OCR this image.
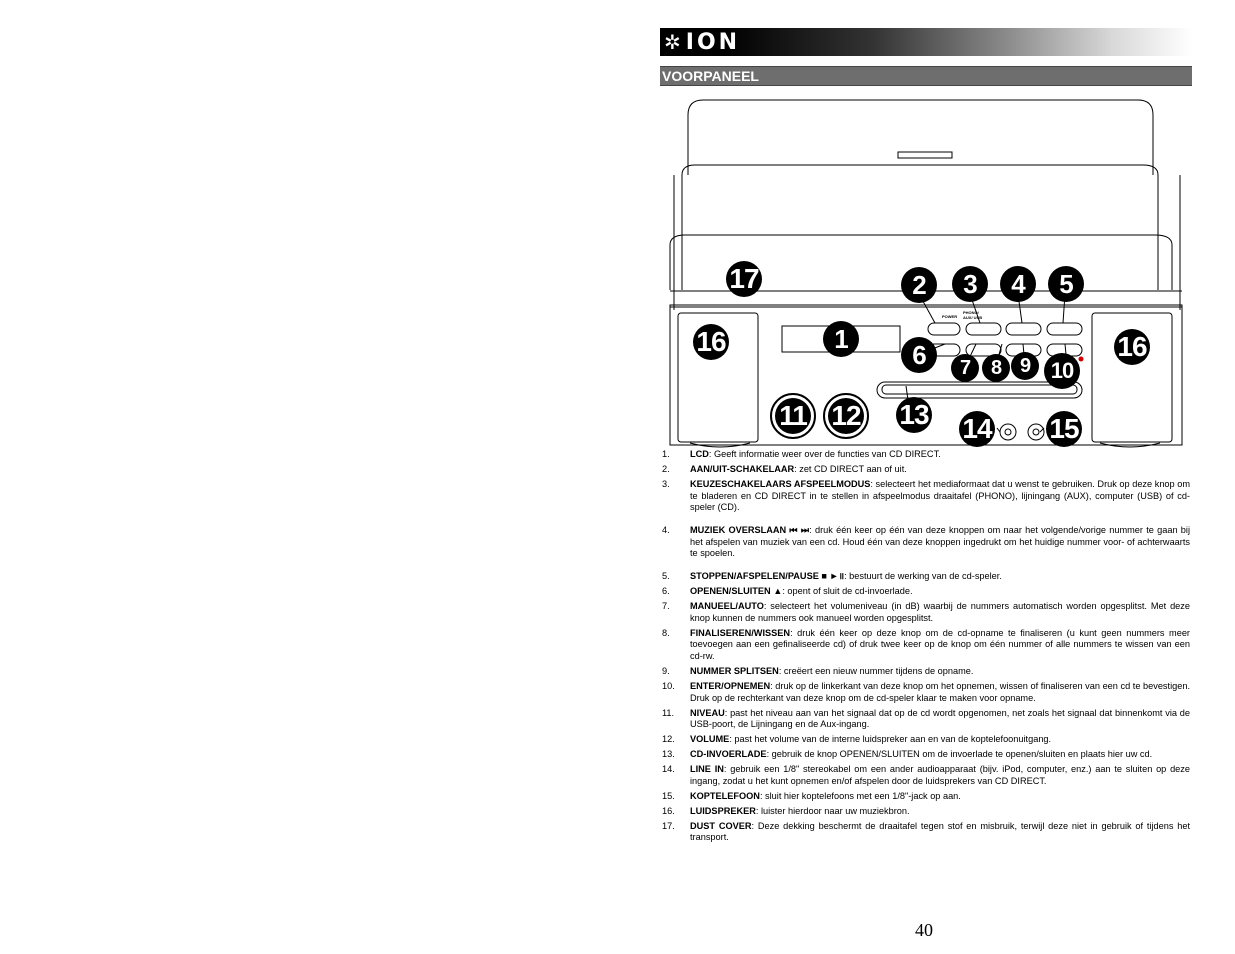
✲ION
VOORPANEEL
POWER
PHONO/ AUX/ USB
1
2	3	4	5
6	7	8 9 10
11 12 13 14 15
16	16
17
1.	LCD: Geeft informatie weer over de functies van CD DIRECT.
2.	AAN/UIT-SCHAKELAAR: zet CD DIRECT aan of uit.
3.	KEUZESCHAKELAARS AFSPEELMODUS: selecteert het mediaformaat dat u wenst te gebruiken. Druk op deze knop om te bladeren en CD DIRECT in te stellen in afspeelmodus draaitafel (PHONO), lijningang (AUX), computer (USB) of cd-speler (CD).
4.	MUZIEK OVERSLAAN ⏮ ⏭: druk één keer op één van deze knoppen om naar het volgende/vorige nummer te gaan bij het afspelen van muziek van een cd. Houd één van deze knoppen ingedrukt om het huidige nummer voor- of achterwaarts te spoelen.
5.	STOPPEN/AFSPELEN/PAUSE ■ ►॥: bestuurt de werking van de cd-speler.
6.	OPENEN/SLUITEN ▲: opent of sluit de cd-invoerlade.
7.	MANUEEL/AUTO: selecteert het volumeniveau (in dB) waarbij de nummers automatisch worden opgesplitst. Met deze knop kunnen de nummers ook manueel worden opgesplitst.
8.	FINALISEREN/WISSEN: druk één keer op deze knop om de cd-opname te finaliseren (u kunt geen nummers meer toevoegen aan een gefinaliseerde cd) of druk twee keer op de knop om één nummer of alle nummers te wissen van een cd-rw.
9.	NUMMER SPLITSEN: creëert een nieuw nummer tijdens de opname.
10.	ENTER/OPNEMEN: druk op de linkerkant van deze knop om het opnemen, wissen of finaliseren van een cd te bevestigen. Druk op de rechterkant van deze knop om de cd-speler klaar te maken voor opname.
11.	NIVEAU: past het niveau aan van het signaal dat op de cd wordt opgenomen, net zoals het signaal dat binnenkomt via de USB-poort, de Lijningang en de Aux-ingang.
12.	VOLUME: past het volume van de interne luidspreker aan en van de koptelefoonuitgang.
13.	CD-INVOERLADE: gebruik de knop OPENEN/SLUITEN om de invoerlade te openen/sluiten en plaats hier uw cd.
14.	LINE IN: gebruik een 1/8" stereokabel om een ander audioapparaat (bijv. iPod, computer, enz.) aan te sluiten op deze ingang, zodat u het kunt opnemen en/of afspelen door de luidsprekers van CD DIRECT.
15.	KOPTELEFOON: sluit hier koptelefoons met een 1/8"-jack op aan.
16.	LUIDSPREKER: luister hierdoor naar uw muziekbron.
17.	DUST COVER: Deze dekking beschermt de draaitafel tegen stof en misbruik, terwijl deze niet in gebruik of tijdens het transport.
40
